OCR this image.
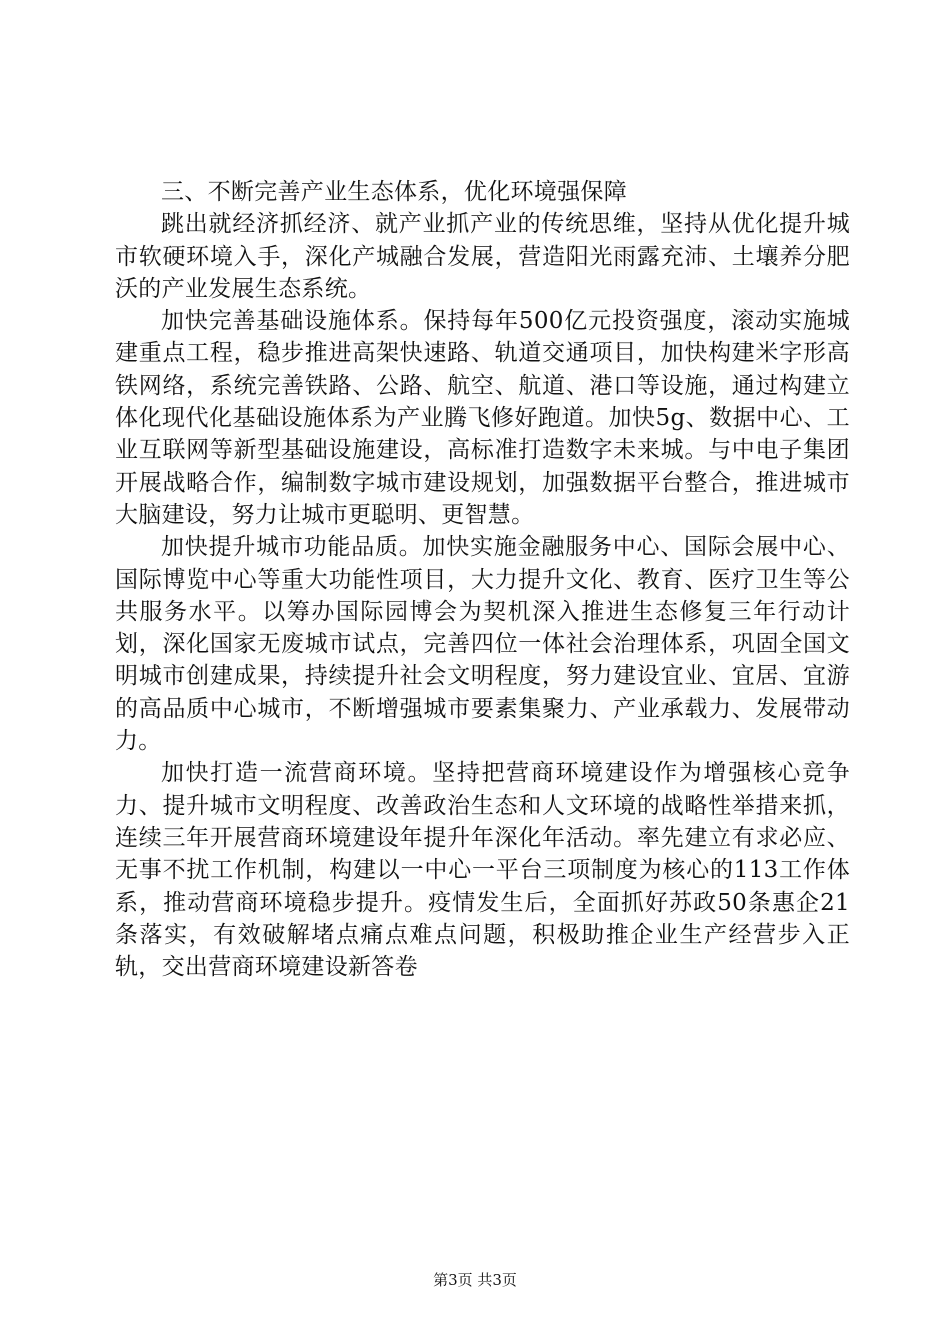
三、不断完善产业生态体系，优化环境强保障

跳出就经济抓经济、就产业抓产业的传统思维，坚持从优化提升城市软硬环境入手，深化产城融合发展，营造阳光雨露充沛、土壤养分肥沃的产业发展生态系统。

加快完善基础设施体系。保持每年500亿元投资强度，滚动实施城建重点工程，稳步推进高架快速路、轨道交通项目，加快构建米字形高铁网络，系统完善铁路、公路、航空、航道、港口等设施，通过构建立体化现代化基础设施体系为产业腾飞修好跑道。加快5g、数据中心、工业互联网等新型基础设施建设，高标准打造数字未来城。与中电子集团开展战略合作，编制数字城市建设规划，加强数据平台整合，推进城市大脑建设，努力让城市更聪明、更智慧。

加快提升城市功能品质。加快实施金融服务中心、国际会展中心、国际博览中心等重大功能性项目，大力提升文化、教育、医疗卫生等公共服务水平。以筹办国际园博会为契机深入推进生态修复三年行动计划，深化国家无废城市试点，完善四位一体社会治理体系，巩固全国文明城市创建成果，持续提升社会文明程度，努力建设宜业、宜居、宜游的高品质中心城市，不断增强城市要素集聚力、产业承载力、发展带动力。

加快打造一流营商环境。坚持把营商环境建设作为增强核心竞争力、提升城市文明程度、改善政治生态和人文环境的战略性举措来抓，连续三年开展营商环境建设年提升年深化年活动。率先建立有求必应、无事不扰工作机制，构建以一中心一平台三项制度为核心的113工作体系，推动营商环境稳步提升。疫情发生后，全面抓好苏政50条惠企21条落实，有效破解堵点痛点难点问题，积极助推企业生产经营步入正轨，交出营商环境建设新答卷

第3页 共3页
